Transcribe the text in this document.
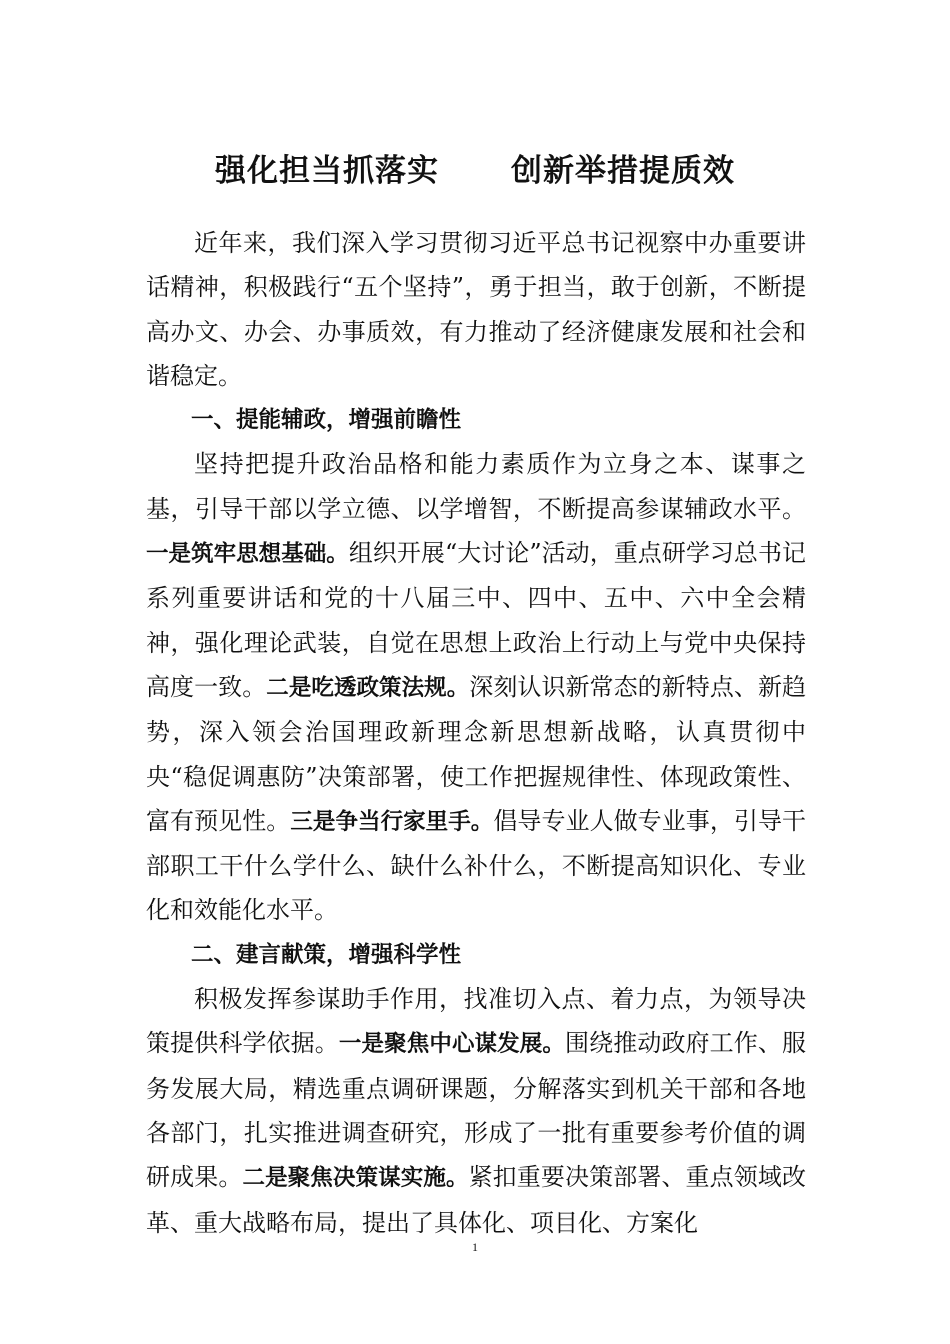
强化担当抓落实 创新举措提质效

近年来，我们深入学习贯彻习近平总书记视察中办重要讲话精神，积极践行“五个坚持”，勇于担当，敢于创新，不断提高办文、办会、办事质效，有力推动了经济健康发展和社会和谐稳定。

一、提能辅政，增强前瞻性

坚持把提升政治品格和能力素质作为立身之本、谋事之基，引导干部以学立德、以学增智，不断提高参谋辅政水平。一是筑牢思想基础。组织开展“大讨论”活动，重点研学习总书记系列重要讲话和党的十八届三中、四中、五中、六中全会精神，强化理论武装，自觉在思想上政治上行动上与党中央保持高度一致。二是吃透政策法规。深刻认识新常态的新特点、新趋势，深入领会治国理政新理念新思想新战略，认真贯彻中央“稳促调惠防”决策部署，使工作把握规律性、体现政策性、富有预见性。三是争当行家里手。倡导专业人做专业事，引导干部职工干什么学什么、缺什么补什么，不断提高知识化、专业化和效能化水平。

二、建言献策，增强科学性

积极发挥参谋助手作用，找准切入点、着力点，为领导决策提供科学依据。一是聚焦中心谋发展。围绕推动政府工作、服务发展大局，精选重点调研课题，分解落实到机关干部和各地各部门，扎实推进调查研究，形成了一批有重要参考价值的调研成果。二是聚焦决策谋实施。紧扣重要决策部署、重点领域改革、重大战略布局，提出了具体化、项目化、方案化

1
